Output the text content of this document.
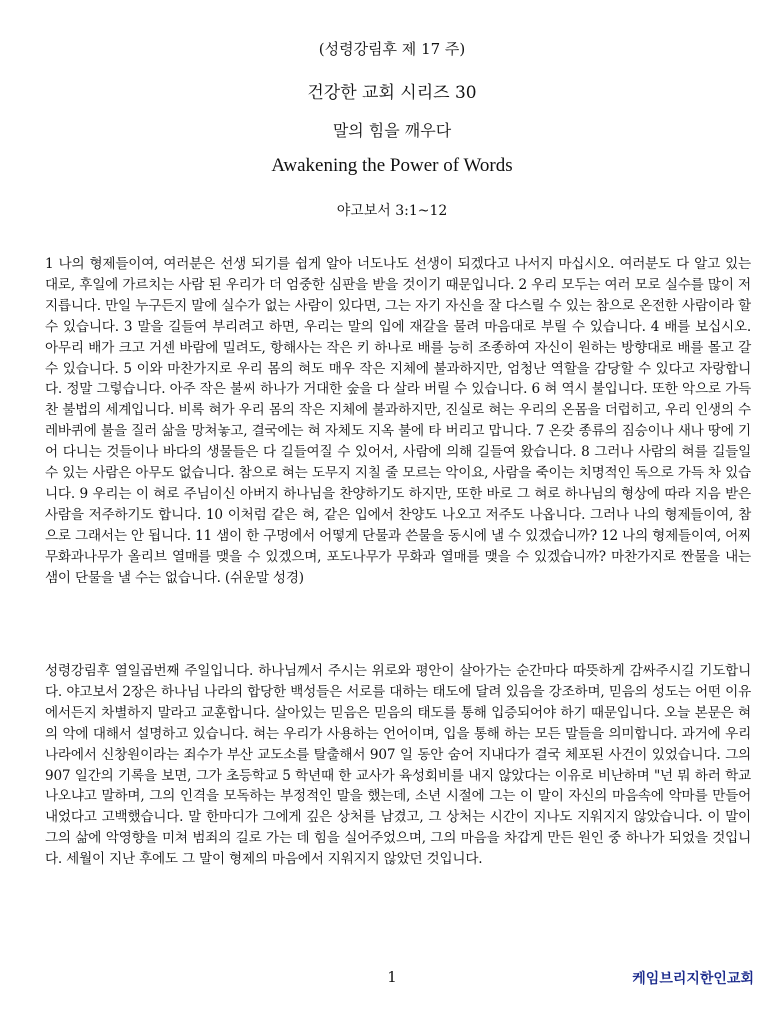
(성령강림후 제 17 주)
건강한 교회 시리즈 30
말의 힘을 깨우다
Awakening the Power of Words
야고보서 3:1~12

1 나의 형제들이여, 여러분은 선생 되기를 쉽게 알아 너도나도 선생이 되겠다고 나서지 마십시오. 여러분도 다 알고 있는 대로, 후일에 가르치는 사람 된 우리가 더 엄중한 심판을 받을 것이기 때문입니다. 2 우리 모두는 여러 모로 실수를 많이 저지릅니다. 만일 누구든지 말에 실수가 없는 사람이 있다면, 그는 자기 자신을 잘 다스릴 수 있는 참으로 온전한 사람이라 할 수 있습니다. 3 말을 길들여 부리려고 하면, 우리는 말의 입에 재갈을 물려 마음대로 부릴 수 있습니다. 4 배를 보십시오. 아무리 배가 크고 거센 바람에 밀려도, 항해사는 작은 키 하나로 배를 능히 조종하여 자신이 원하는 방향대로 배를 몰고 갈 수 있습니다. 5 이와 마찬가지로 우리 몸의 혀도 매우 작은 지체에 불과하지만, 엄청난 역할을 감당할 수 있다고 자랑합니다. 정말 그렇습니다. 아주 작은 불씨 하나가 거대한 숲을 다 살라 버릴 수 있습니다. 6 혀 역시 불입니다. 또한 악으로 가득 찬 불법의 세계입니다. 비록 혀가 우리 몸의 작은 지체에 불과하지만, 진실로 혀는 우리의 온몸을 더럽히고, 우리 인생의 수레바퀴에 불을 질러 삶을 망쳐놓고, 결국에는 혀 자체도 지옥 불에 타 버리고 맙니다. 7 온갖 종류의 짐승이나 새나 땅에 기어 다니는 것들이나 바다의 생물들은 다 길들여질 수 있어서, 사람에 의해 길들여 왔습니다. 8 그러나 사람의 혀를 길들일 수 있는 사람은 아무도 없습니다. 참으로 혀는 도무지 지칠 줄 모르는 악이요, 사람을 죽이는 치명적인 독으로 가득 차 있습니다. 9 우리는 이 혀로 주님이신 아버지 하나님을 찬양하기도 하지만, 또한 바로 그 혀로 하나님의 형상에 따라 지음 받은 사람을 저주하기도 합니다. 10 이처럼 같은 혀, 같은 입에서 찬양도 나오고 저주도 나옵니다. 그러나 나의 형제들이여, 참으로 그래서는 안 됩니다. 11 샘이 한 구멍에서 어떻게 단물과 쓴물을 동시에 낼 수 있겠습니까? 12 나의 형제들이여, 어찌 무화과나무가 올리브 열매를 맺을 수 있겠으며, 포도나무가 무화과 열매를 맺을 수 있겠습니까? 마찬가지로 짠물을 내는 샘이 단물을 낼 수는 없습니다. (쉬운말 성경)

성령강림후 열일곱번째 주일입니다. 하나님께서 주시는 위로와 평안이 살아가는 순간마다 따뜻하게 감싸주시길 기도합니다. 야고보서 2장은 하나님 나라의 합당한 백성들은 서로를 대하는 태도에 달려 있음을 강조하며, 믿음의 성도는 어떤 이유에서든지 차별하지 말라고 교훈합니다. 살아있는 믿음은 믿음의 태도를 통해 입증되어야 하기 때문입니다. 오늘 본문은 혀의 악에 대해서 설명하고 있습니다. 혀는 우리가 사용하는 언어이며, 입을 통해 하는 모든 말들을 의미합니다. 과거에 우리나라에서 신창원이라는 죄수가 부산 교도소를 탈출해서 907 일 동안 숨어 지내다가 결국 체포된 사건이 있었습니다. 그의 907 일간의 기록을 보면, 그가 초등학교 5 학년때 한 교사가 육성회비를 내지 않았다는 이유로 비난하며 "넌 뭐 하러 학교 나오냐고 말하며, 그의 인격을 모독하는 부정적인 말을 했는데, 소년 시절에 그는 이 말이 자신의 마음속에 악마를 만들어내었다고 고백했습니다. 말 한마디가 그에게 깊은 상처를 남겼고, 그 상처는 시간이 지나도 지워지지 않았습니다. 이 말이 그의 삶에 악영향을 미쳐 범죄의 길로 가는 데 힘을 실어주었으며, 그의 마음을 차갑게 만든 원인 중 하나가 되었을 것입니다. 세월이 지난 후에도 그 말이 형제의 마음에서 지워지지 않았던 것입니다.

1	케임브리지한인교회
